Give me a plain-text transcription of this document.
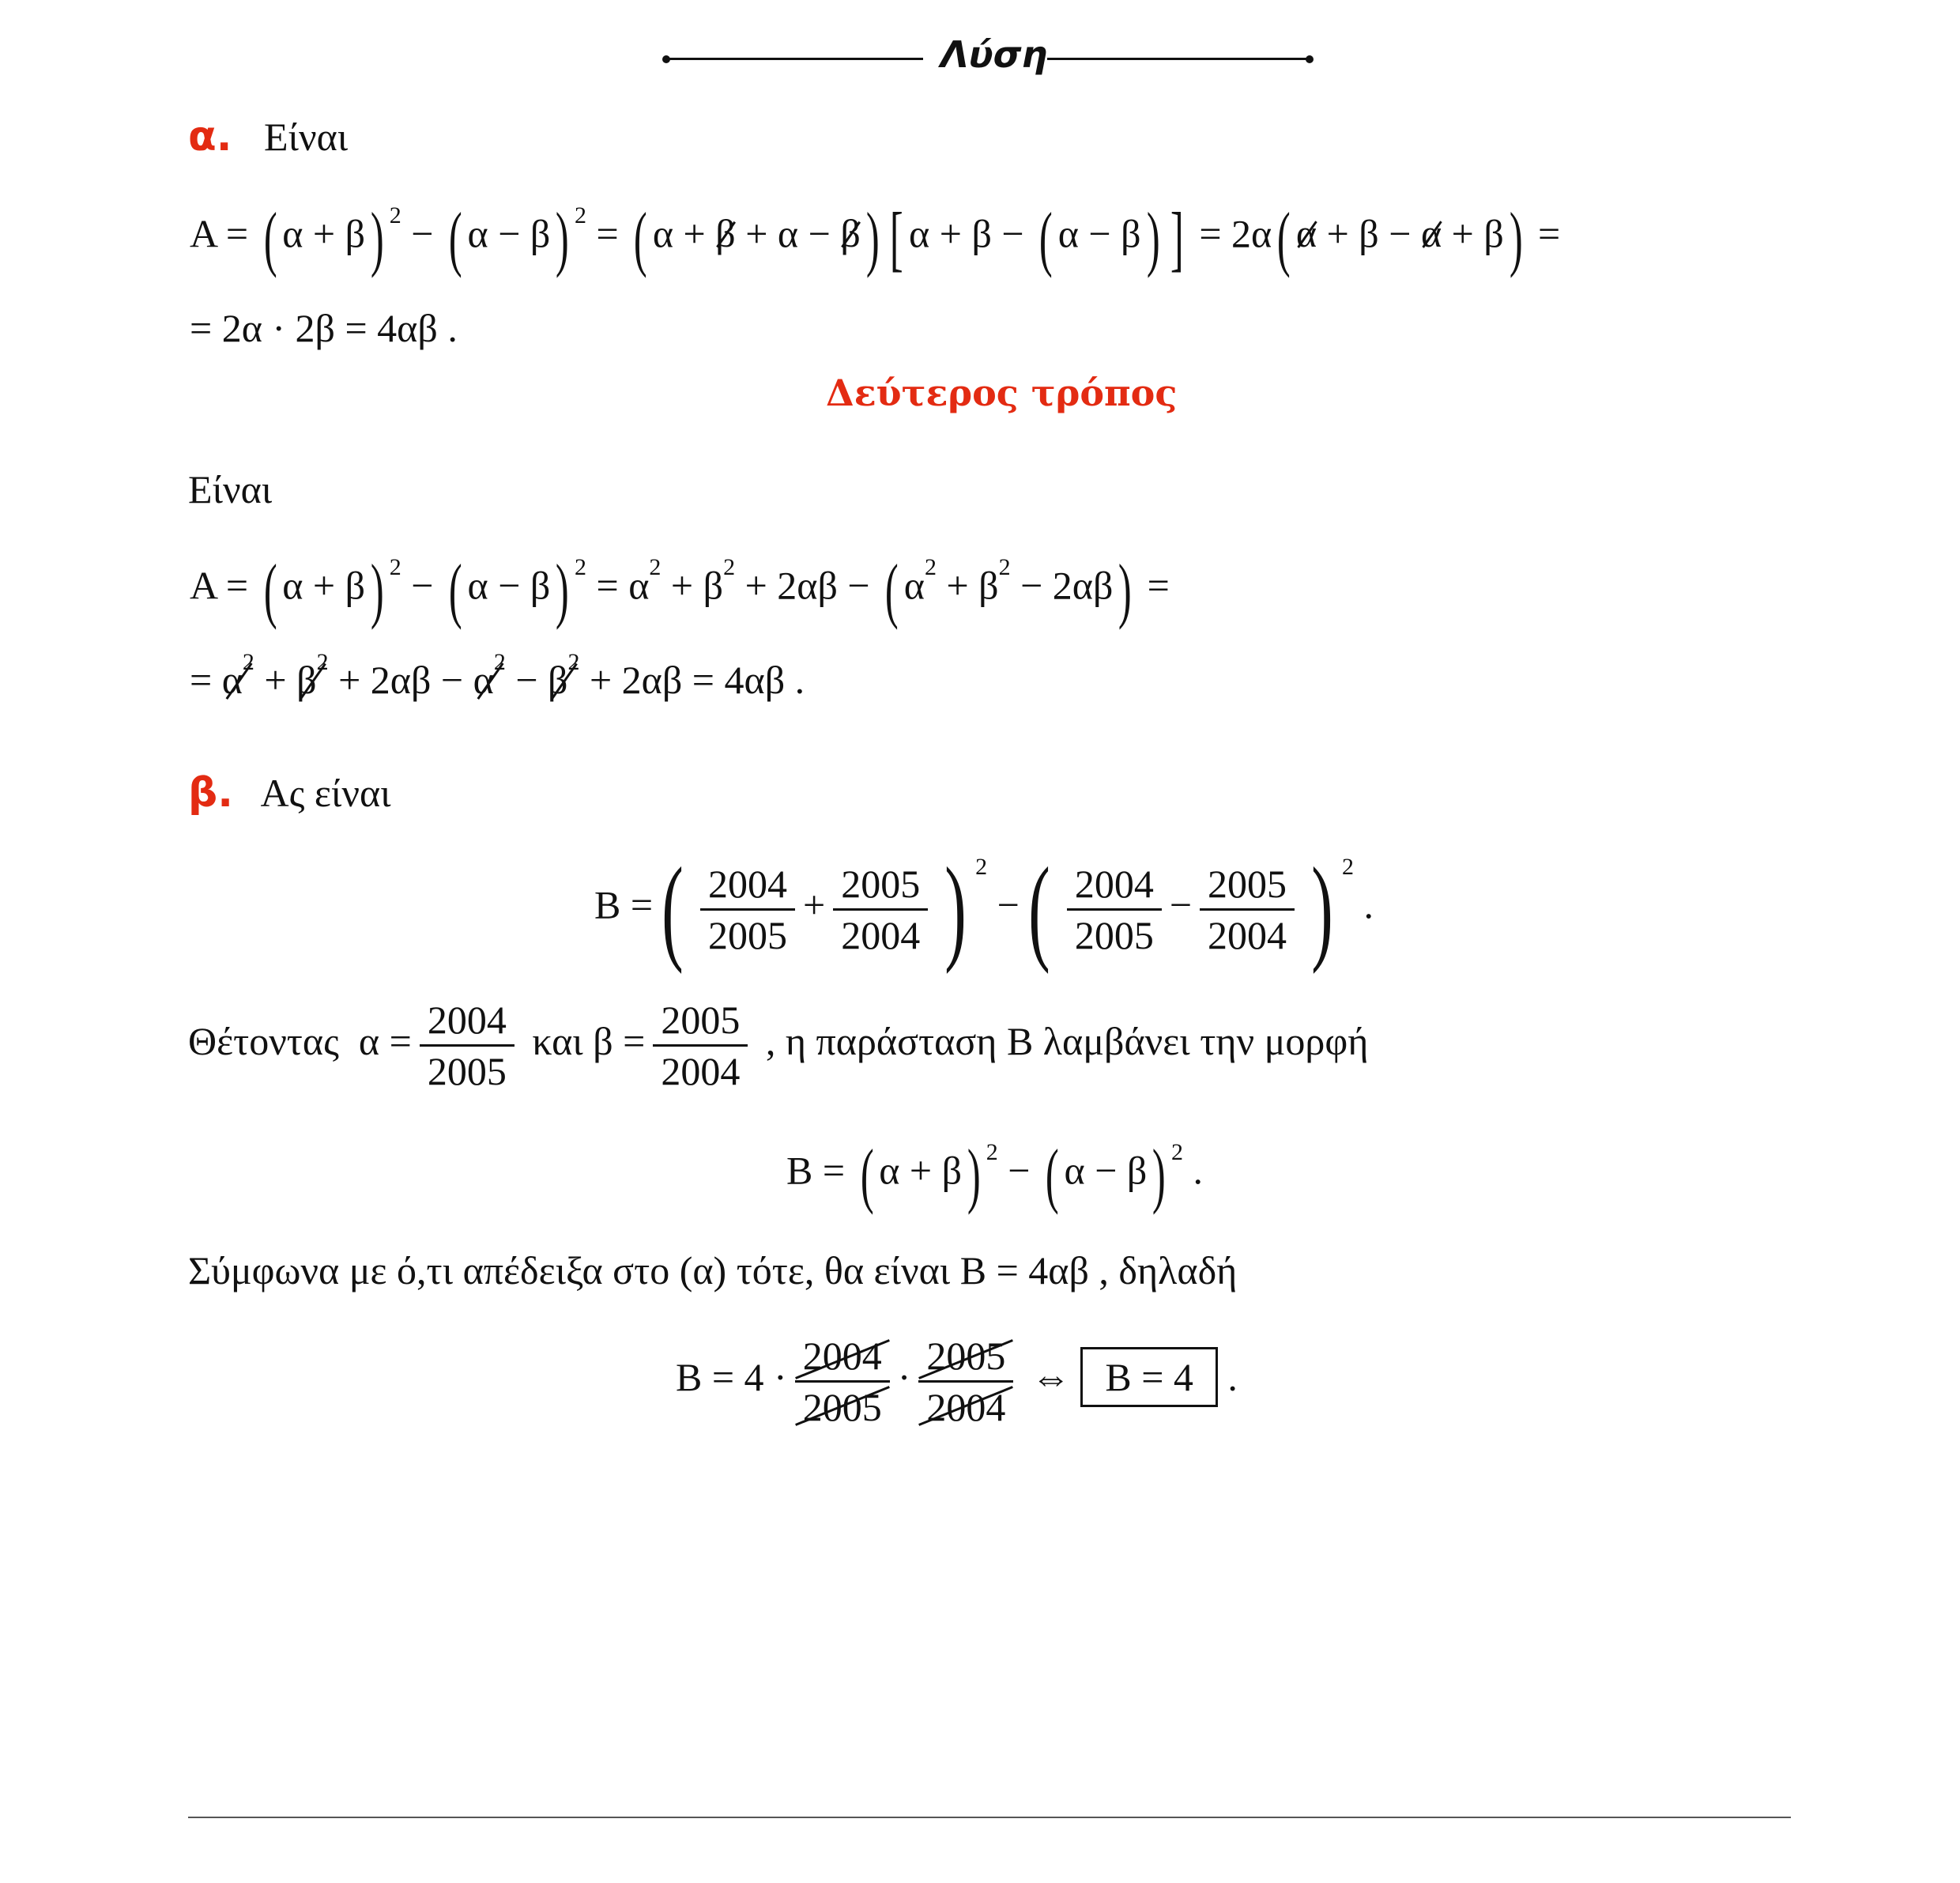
Λύση
α. Είναι
Α = ( α + β) $^2$ − ( α − β) $^2$ = ( α + β + α − β) [ α + β − ( α − β) ] = 2α( α + β − α + β) =
= 2α · 2β = 4αβ .
Δεύτερος τρόπος
Είναι
Α = ( α + β) $^2$ − ( α − β) $^2 = \alpha^2 + \beta^2 + 2\alpha\beta$ − ( $\alpha^2 + \beta^2 - 2\alpha\beta$) =
= $\alpha^2 + \beta^2 + 2\alpha\beta - \alpha^2 - \beta^2 + 2\alpha\beta = 4\alpha\beta$ .
β. Ας είναι
Β =( $\frac{2004}{2005} + \frac{2005}{2004}$ ) $^2$ −( $\frac{2004}{2005} - \frac{2005}{2004}$ ) $^2$ .
Θέτοντας  $\alpha = \frac{2004}{2005}$ και $\beta = \frac{2005}{2004}$ , η παράσταση Β λαμβάνει την μορφή
Β = ( α + β) $^2$ − ( α − β) $^2$ .
Σύμφωνα με ό,τι απέδειξα στο (α) τότε, θα είναι Β = 4αβ , δηλαδή
$B = 4 \cdot \frac{2004}{2005} \cdot \frac{2005}{2004}$ ⇔ Β = 4 .
